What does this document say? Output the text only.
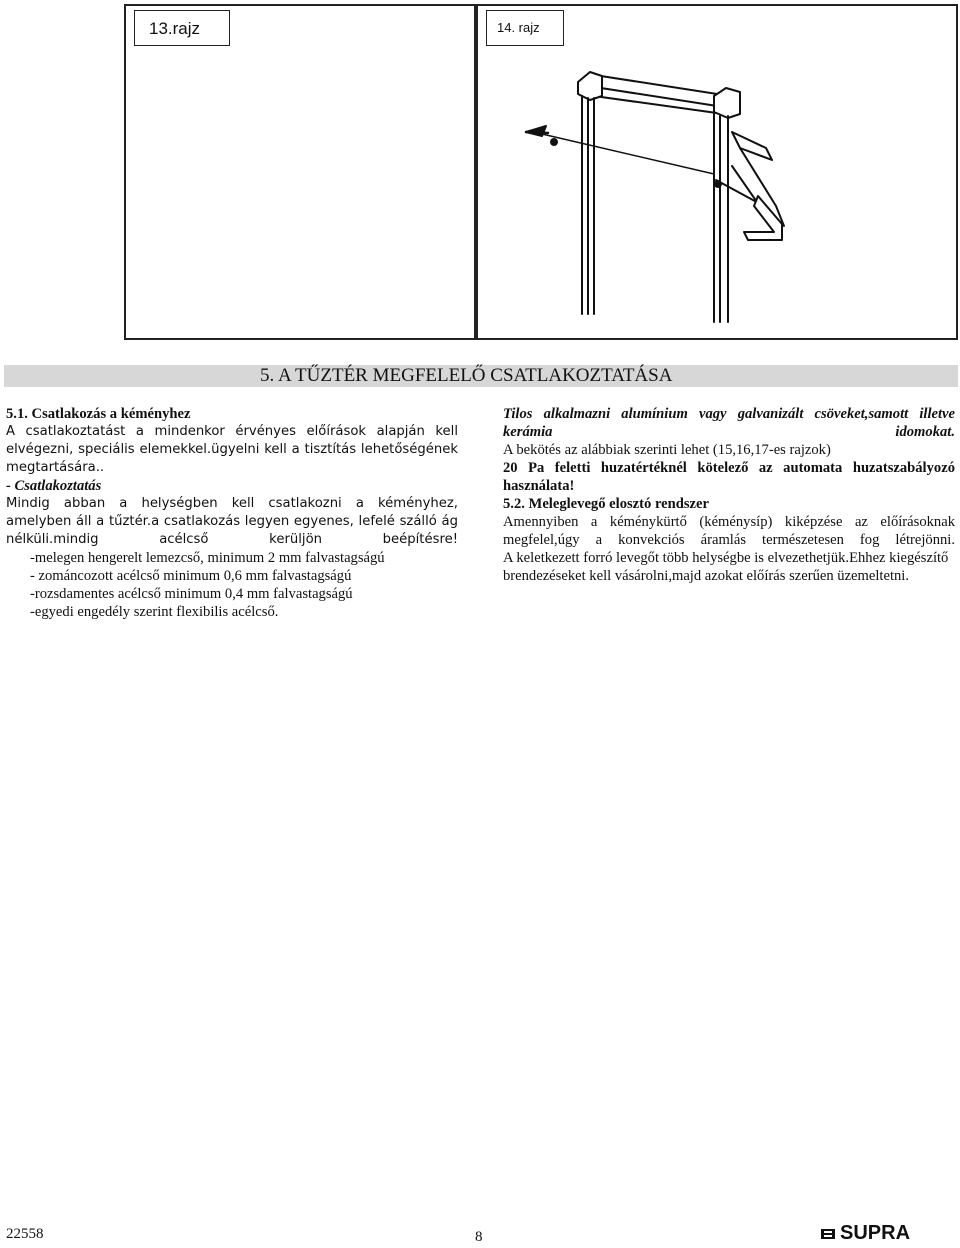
13.rajz	14. rajz
5. A TŰZTÉR MEGFELELŐ CSATLAKOZTATÁSA

5.1. Csatlakozás a kéményhez

A csatlakoztatást a mindenkor érvényes előírások alapján kell elvégezni, speciális elemekkel.ügyelni kell a tisztítás lehetőségének megtartására..

- Csatlakoztatás

Mindig abban a helységben kell csatlakozni a kéményhez, amelyben áll a tűztér.a csatlakozás legyen egyenes, lefelé szálló ág nélküli.mindig acélcső kerüljön beépítésre!

-melegen hengerelt lemezcső, minimum 2 mm falvastagságú

- zománcozott acélcső minimum 0,6 mm falvastagságú

-rozsdamentes acélcső minimum 0,4 mm falvastagságú

-egyedi engedély szerint flexibilis acélcső.

Tilos alkalmazni alumínium vagy galvanizált csöveket,samott illetve kerámia idomokat.

A bekötés az alábbiak szerinti lehet (15,16,17-es rajzok)

20 Pa feletti huzatértéknél kötelező az automata huzatszabályozó használata!

5.2. Meleglevegő elosztó rendszer

Amennyiben a kéménykürtő (kéménysíp) kiképzése az előírásoknak megfelel,úgy a konvekciós áramlás természetesen fog létrejönni.

A keletkezett forró levegőt több helységbe is elvezethetjük.Ehhez kiegészítő brendezéseket kell vásárolni,majd azokat előírás szerűen üzemeltetni.

22558	8	SUPRA
